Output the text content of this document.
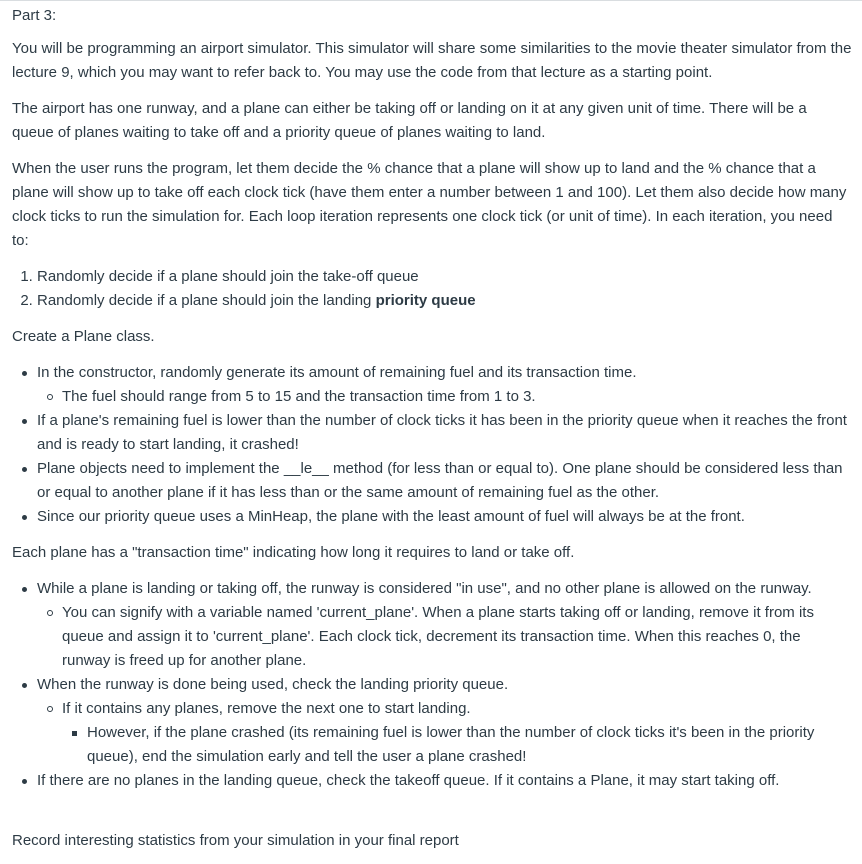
Part 3:

You will be programming an airport simulator. This simulator will share some similarities to the movie theater simulator from the lecture 9, which you may want to refer back to. You may use the code from that lecture as a starting point.

The airport has one runway, and a plane can either be taking off or landing on it at any given unit of time. There will be a queue of planes waiting to take off and a priority queue of planes waiting to land.

When the user runs the program, let them decide the % chance that a plane will show up to land and the % chance that a plane will show up to take off each clock tick (have them enter a number between 1 and 100). Let them also decide how many clock ticks to run the simulation for. Each loop iteration represents one clock tick (or unit of time). In each iteration, you need to:

1. Randomly decide if a plane should join the take-off queue
2. Randomly decide if a plane should join the landing priority queue

Create a Plane class.

In the constructor, randomly generate its amount of remaining fuel and its transaction time.
The fuel should range from 5 to 15 and the transaction time from 1 to 3.
If a plane's remaining fuel is lower than the number of clock ticks it has been in the priority queue when it reaches the front and is ready to start landing, it crashed!
Plane objects need to implement the __le__ method (for less than or equal to). One plane should be considered less than or equal to another plane if it has less than or the same amount of remaining fuel as the other.
Since our priority queue uses a MinHeap, the plane with the least amount of fuel will always be at the front.

Each plane has a "transaction time" indicating how long it requires to land or take off.

While a plane is landing or taking off, the runway is considered "in use", and no other plane is allowed on the runway.
You can signify with a variable named 'current_plane'. When a plane starts taking off or landing, remove it from its queue and assign it to 'current_plane'. Each clock tick, decrement its transaction time. When this reaches 0, the runway is freed up for another plane.
When the runway is done being used, check the landing priority queue.
If it contains any planes, remove the next one to start landing.
However, if the plane crashed (its remaining fuel is lower than the number of clock ticks it's been in the priority queue), end the simulation early and tell the user a plane crashed!
If there are no planes in the landing queue, check the takeoff queue. If it contains a Plane, it may start taking off.

Record interesting statistics from your simulation in your final report
